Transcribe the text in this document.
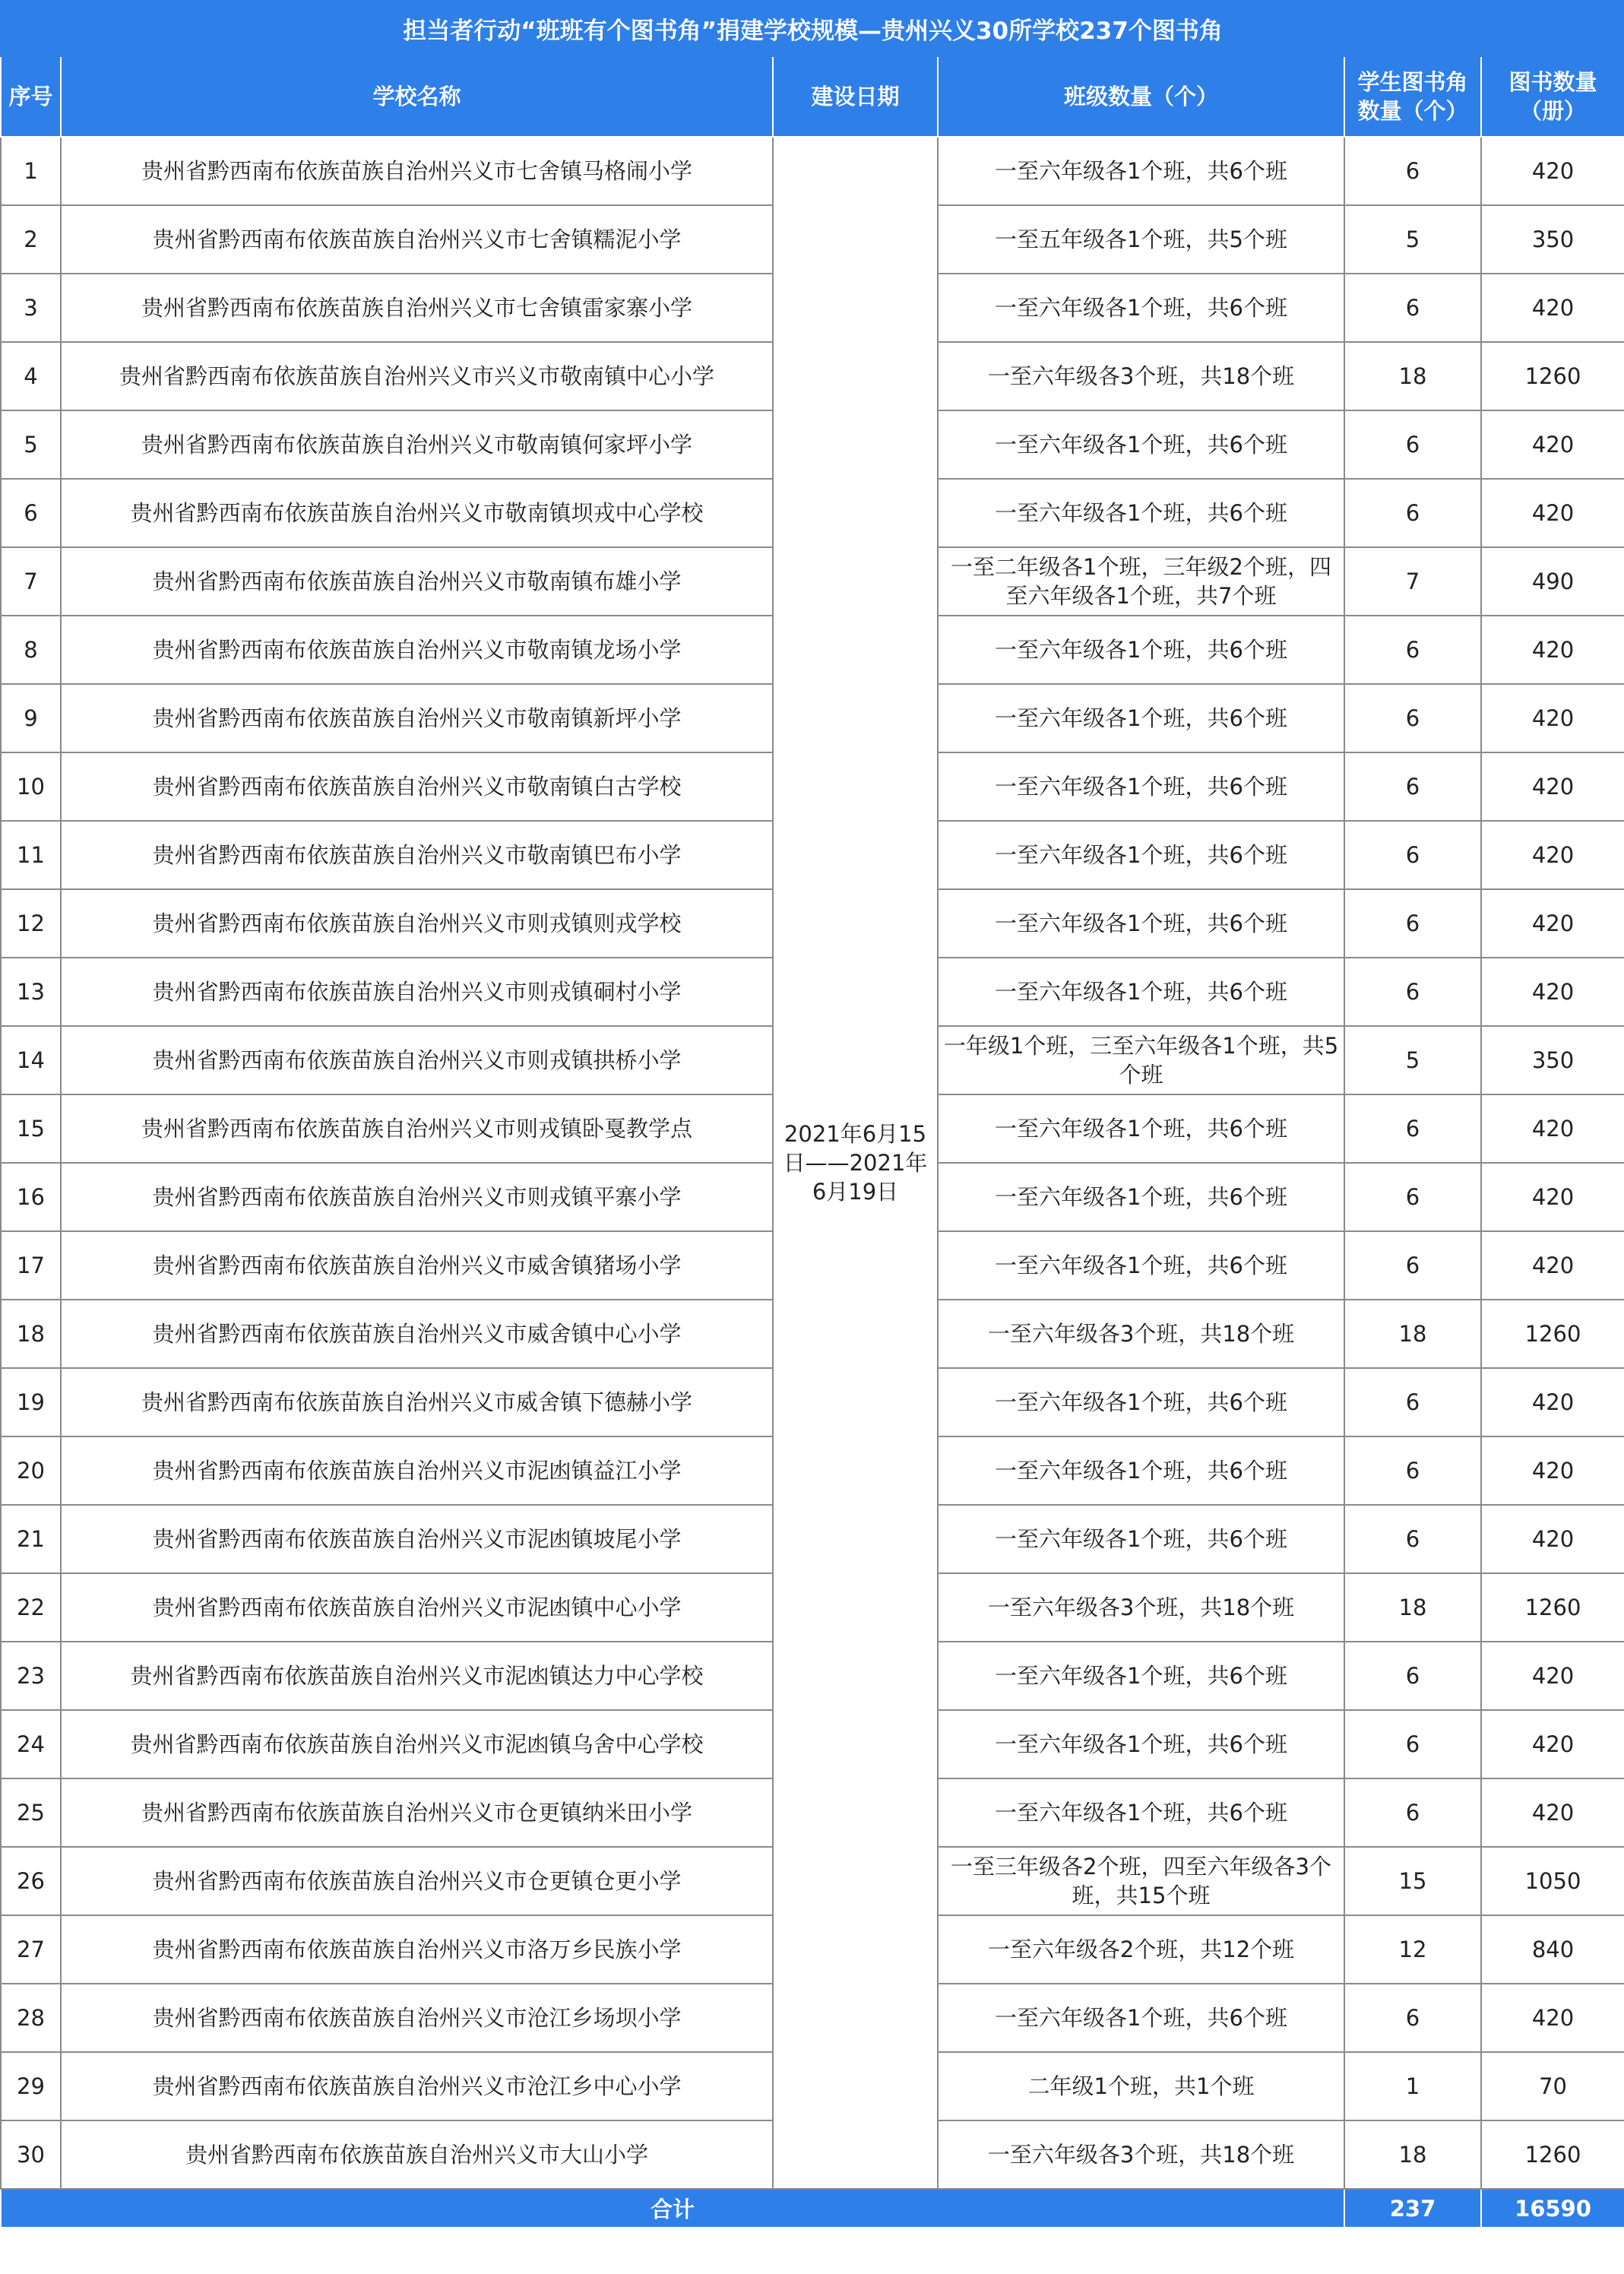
担当者行动“班班有个图书角”捐建学校规模—贵州兴义30所学校237个图书角					
序号	学校名称	建设日期	班级数量（个）	学生图书角数量（个）	图书数量（册）
1	贵州省黔西南布依族苗族自治州兴义市七舍镇马格闹小学	2021年6月15日——2021年6月19日	一至六年级各1个班，共6个班	6	420
2	贵州省黔西南布依族苗族自治州兴义市七舍镇糯泥小学		一至五年级各1个班，共5个班	5	350
3	贵州省黔西南布依族苗族自治州兴义市七舍镇雷家寨小学		一至六年级各1个班，共6个班	6	420
4	贵州省黔西南布依族苗族自治州兴义市兴义市敬南镇中心小学		一至六年级各3个班，共18个班	18	1260
5	贵州省黔西南布依族苗族自治州兴义市敬南镇何家坪小学		一至六年级各1个班，共6个班	6	420
6	贵州省黔西南布依族苗族自治州兴义市敬南镇坝戎中心学校		一至六年级各1个班，共6个班	6	420
7	贵州省黔西南布依族苗族自治州兴义市敬南镇布雄小学		一至二年级各1个班，三年级2个班，四至六年级各1个班，共7个班	7	490
8	贵州省黔西南布依族苗族自治州兴义市敬南镇龙场小学		一至六年级各1个班，共6个班	6	420
9	贵州省黔西南布依族苗族自治州兴义市敬南镇新坪小学		一至六年级各1个班，共6个班	6	420
10	贵州省黔西南布依族苗族自治州兴义市敬南镇白古学校		一至六年级各1个班，共6个班	6	420
11	贵州省黔西南布依族苗族自治州兴义市敬南镇巴布小学		一至六年级各1个班，共6个班	6	420
12	贵州省黔西南布依族苗族自治州兴义市则戎镇则戎学校		一至六年级各1个班，共6个班	6	420
13	贵州省黔西南布依族苗族自治州兴义市则戎镇硐村小学		一至六年级各1个班，共6个班	6	420
14	贵州省黔西南布依族苗族自治州兴义市则戎镇拱桥小学		一年级1个班，三至六年级各1个班，共5个班	5	350
15	贵州省黔西南布依族苗族自治州兴义市则戎镇卧戛教学点		一至六年级各1个班，共6个班	6	420
16	贵州省黔西南布依族苗族自治州兴义市则戎镇平寨小学		一至六年级各1个班，共6个班	6	420
17	贵州省黔西南布依族苗族自治州兴义市威舍镇猪场小学		一至六年级各1个班，共6个班	6	420
18	贵州省黔西南布依族苗族自治州兴义市威舍镇中心小学		一至六年级各3个班，共18个班	18	1260
19	贵州省黔西南布依族苗族自治州兴义市威舍镇下德赫小学		一至六年级各1个班，共6个班	6	420
20	贵州省黔西南布依族苗族自治州兴义市泥凼镇益江小学		一至六年级各1个班，共6个班	6	420
21	贵州省黔西南布依族苗族自治州兴义市泥凼镇坡尾小学		一至六年级各1个班，共6个班	6	420
22	贵州省黔西南布依族苗族自治州兴义市泥凼镇中心小学		一至六年级各3个班，共18个班	18	1260
23	贵州省黔西南布依族苗族自治州兴义市泥凼镇达力中心学校		一至六年级各1个班，共6个班	6	420
24	贵州省黔西南布依族苗族自治州兴义市泥凼镇乌舍中心学校		一至六年级各1个班，共6个班	6	420
25	贵州省黔西南布依族苗族自治州兴义市仓更镇纳米田小学		一至六年级各1个班，共6个班	6	420
26	贵州省黔西南布依族苗族自治州兴义市仓更镇仓更小学		一至三年级各2个班，四至六年级各3个班，共15个班	15	1050
27	贵州省黔西南布依族苗族自治州兴义市洛万乡民族小学		一至六年级各2个班，共12个班	12	840
28	贵州省黔西南布依族苗族自治州兴义市沧江乡场坝小学		一至六年级各1个班，共6个班	6	420
29	贵州省黔西南布依族苗族自治州兴义市沧江乡中心小学		二年级1个班，共1个班	1	70
30	贵州省黔西南布依族苗族自治州兴义市大山小学		一至六年级各3个班，共18个班	18	1260
合计				237	16590
